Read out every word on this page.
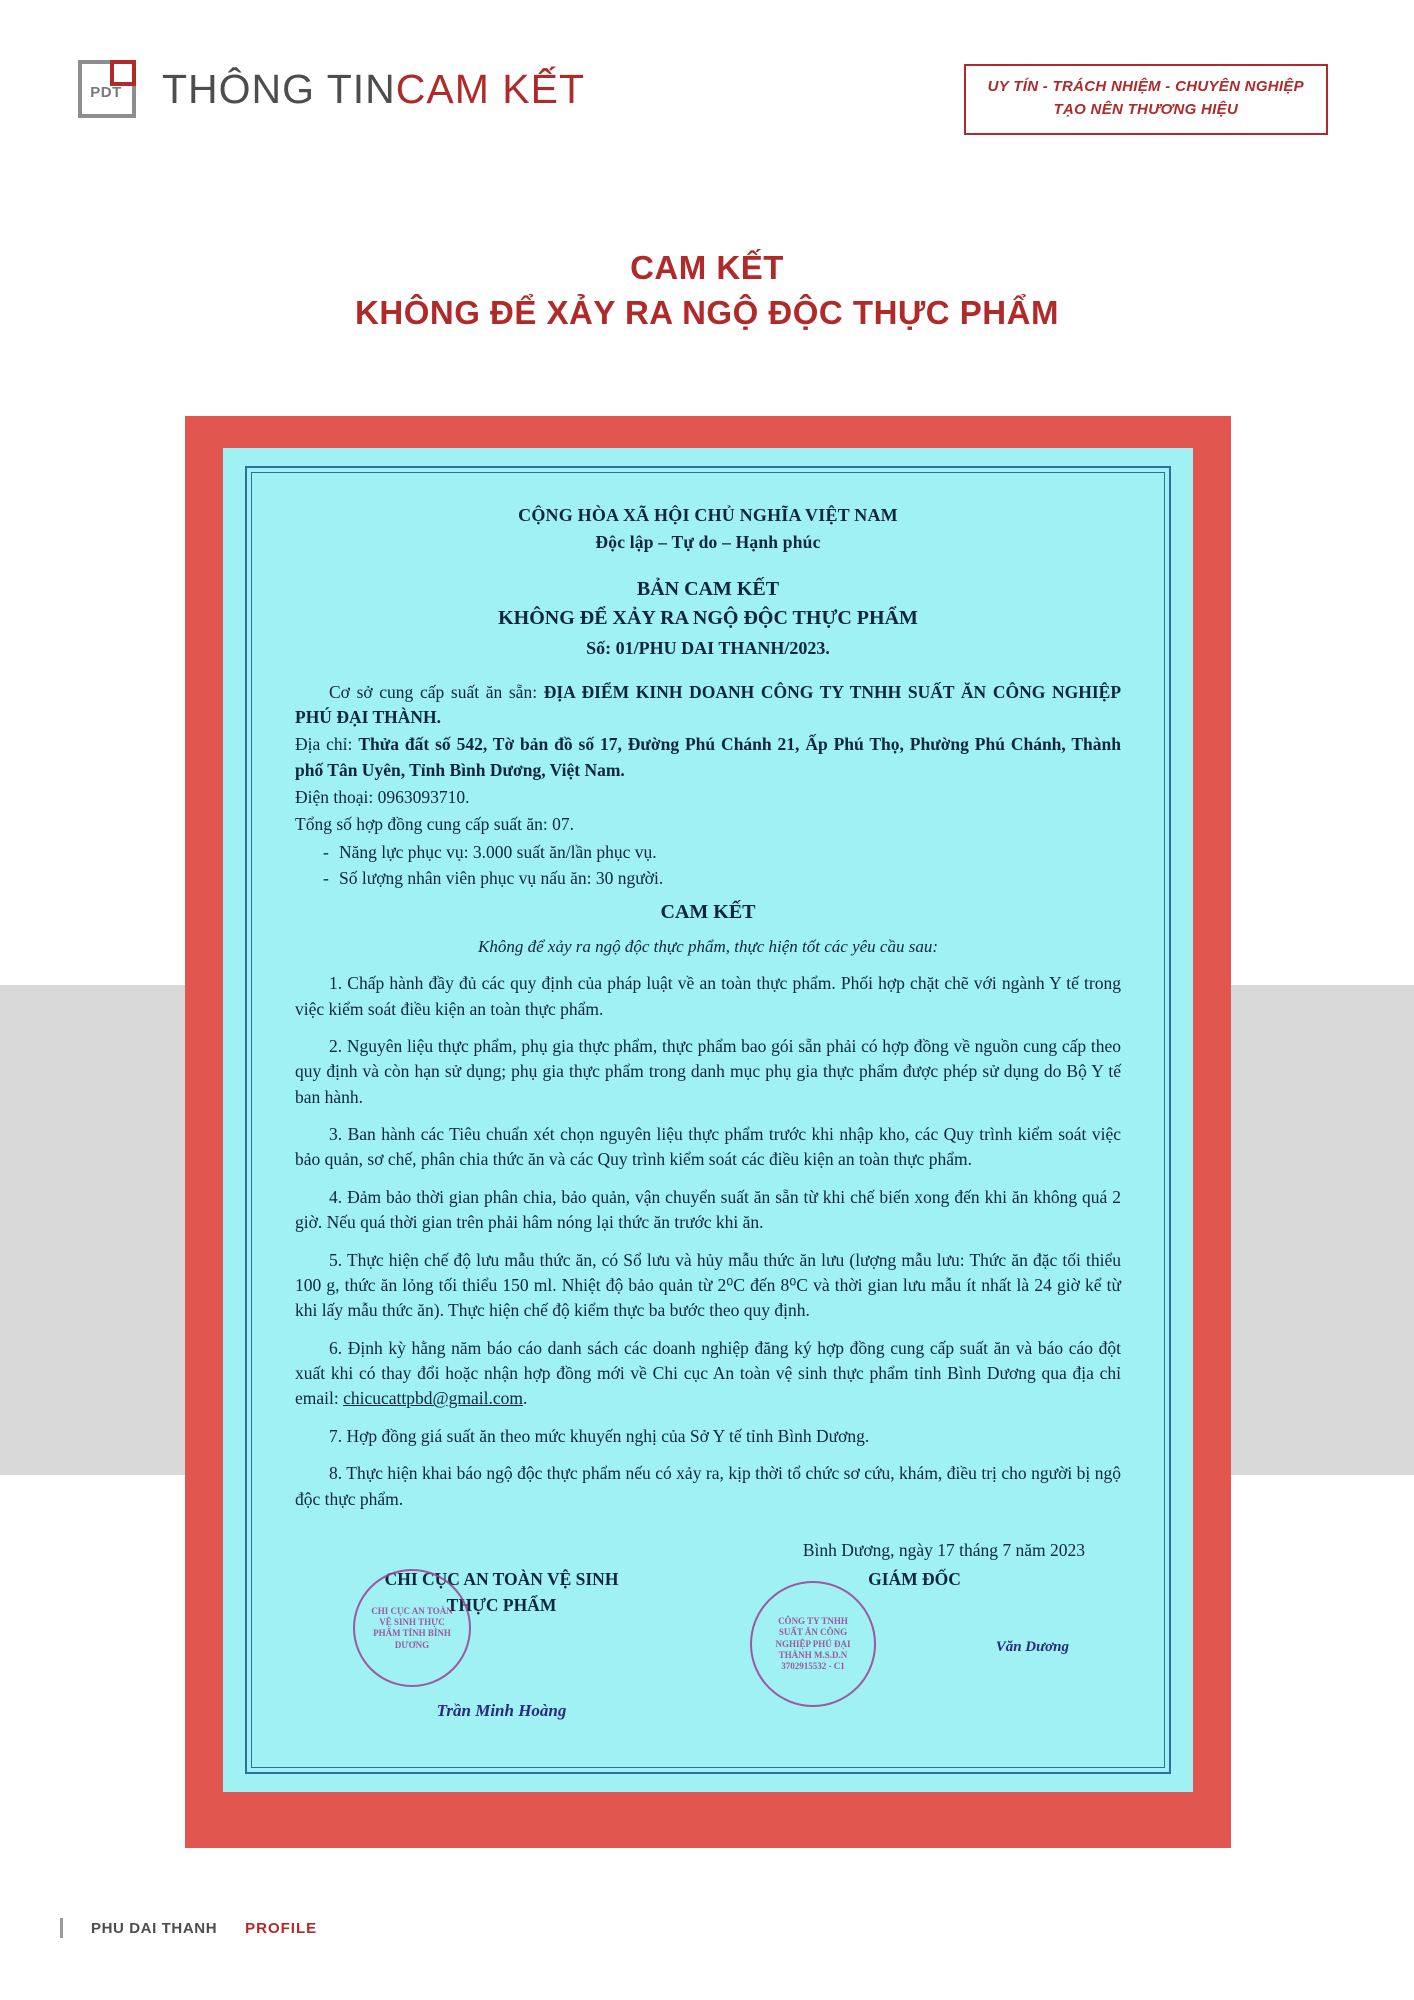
PDT THÔNG TINCAM KẾT	UY TÍN - TRÁCH NHIỆM - CHUYÊN NGHIỆP
TẠO NÊN THƯƠNG HIỆU
CAM KẾT
KHÔNG ĐỂ XẢY RA NGỘ ĐỘC THỰC PHẨM
CỘNG HÒA XÃ HỘI CHỦ NGHĨA VIỆT NAM
Độc lập – Tự do – Hạnh phúc
BẢN CAM KẾT
KHÔNG ĐỂ XẢY RA NGỘ ĐỘC THỰC PHẨM
Số: 01/PHU DAI THANH/2023.

Cơ sở cung cấp suất ăn sẵn: ĐỊA ĐIỂM KINH DOANH CÔNG TY TNHH SUẤT ĂN CÔNG NGHIỆP PHÚ ĐẠI THÀNH.

Địa chỉ: Thửa đất số 542, Tờ bản đồ số 17, Đường Phú Chánh 21, Ấp Phú Thọ, Phường Phú Chánh, Thành phố Tân Uyên, Tỉnh Bình Dương, Việt Nam.

Điện thoại: 0963093710.

Tổng số hợp đồng cung cấp suất ăn: 07.

- Năng lực phục vụ: 3.000 suất ăn/lần phục vụ.
- Số lượng nhân viên phục vụ nấu ăn: 30 người.
CAM KẾT
Không để xảy ra ngộ độc thực phẩm, thực hiện tốt các yêu cầu sau:

1. Chấp hành đầy đủ các quy định của pháp luật về an toàn thực phẩm. Phối hợp chặt chẽ với ngành Y tế trong việc kiểm soát điều kiện an toàn thực phẩm.

2. Nguyên liệu thực phẩm, phụ gia thực phẩm, thực phẩm bao gói sẵn phải có hợp đồng về nguồn cung cấp theo quy định và còn hạn sử dụng; phụ gia thực phẩm trong danh mục phụ gia thực phẩm được phép sử dụng do Bộ Y tế ban hành.

3. Ban hành các Tiêu chuẩn xét chọn nguyên liệu thực phẩm trước khi nhập kho, các Quy trình kiểm soát việc bảo quản, sơ chế, phân chia thức ăn và các Quy trình kiểm soát các điều kiện an toàn thực phẩm.

4. Đảm bảo thời gian phân chia, bảo quản, vận chuyển suất ăn sẵn từ khi chế biến xong đến khi ăn không quá 2 giờ. Nếu quá thời gian trên phải hâm nóng lại thức ăn trước khi ăn.

5. Thực hiện chế độ lưu mẫu thức ăn, có Sổ lưu và hủy mẫu thức ăn lưu (lượng mẫu lưu: Thức ăn đặc tối thiểu 100 g, thức ăn lỏng tối thiểu 150 ml. Nhiệt độ bảo quản từ 2⁰C đến 8⁰C và thời gian lưu mẫu ít nhất là 24 giờ kể từ khi lấy mẫu thức ăn). Thực hiện chế độ kiểm thực ba bước theo quy định.

6. Định kỳ hằng năm báo cáo danh sách các doanh nghiệp đăng ký hợp đồng cung cấp suất ăn và báo cáo đột xuất khi có thay đổi hoặc nhận hợp đồng mới về Chi cục An toàn vệ sinh thực phẩm tỉnh Bình Dương qua địa chỉ email: chicucattpbd@gmail.com.

7. Hợp đồng giá suất ăn theo mức khuyến nghị của Sở Y tế tỉnh Bình Dương.

8. Thực hiện khai báo ngộ độc thực phẩm nếu có xảy ra, kịp thời tổ chức sơ cứu, khám, điều trị cho người bị ngộ độc thực phẩm.

Bình Dương, ngày 17 tháng 7 năm 2023
CHI CỤC AN TOÀN VỆ SINH
THỰC PHẨM
CHI CỤC AN TOÀN VỆ SINH THỰC PHẨM TỈNH BÌNH DƯƠNG
Trần Minh Hoàng
GIÁM ĐỐC
CÔNG TY TNHH SUẤT ĂN CÔNG NGHIỆP PHÚ ĐẠI THÀNH M.S.D.N 3702915532 - C1
Văn Dương
PHU DAI THANH PROFILE
